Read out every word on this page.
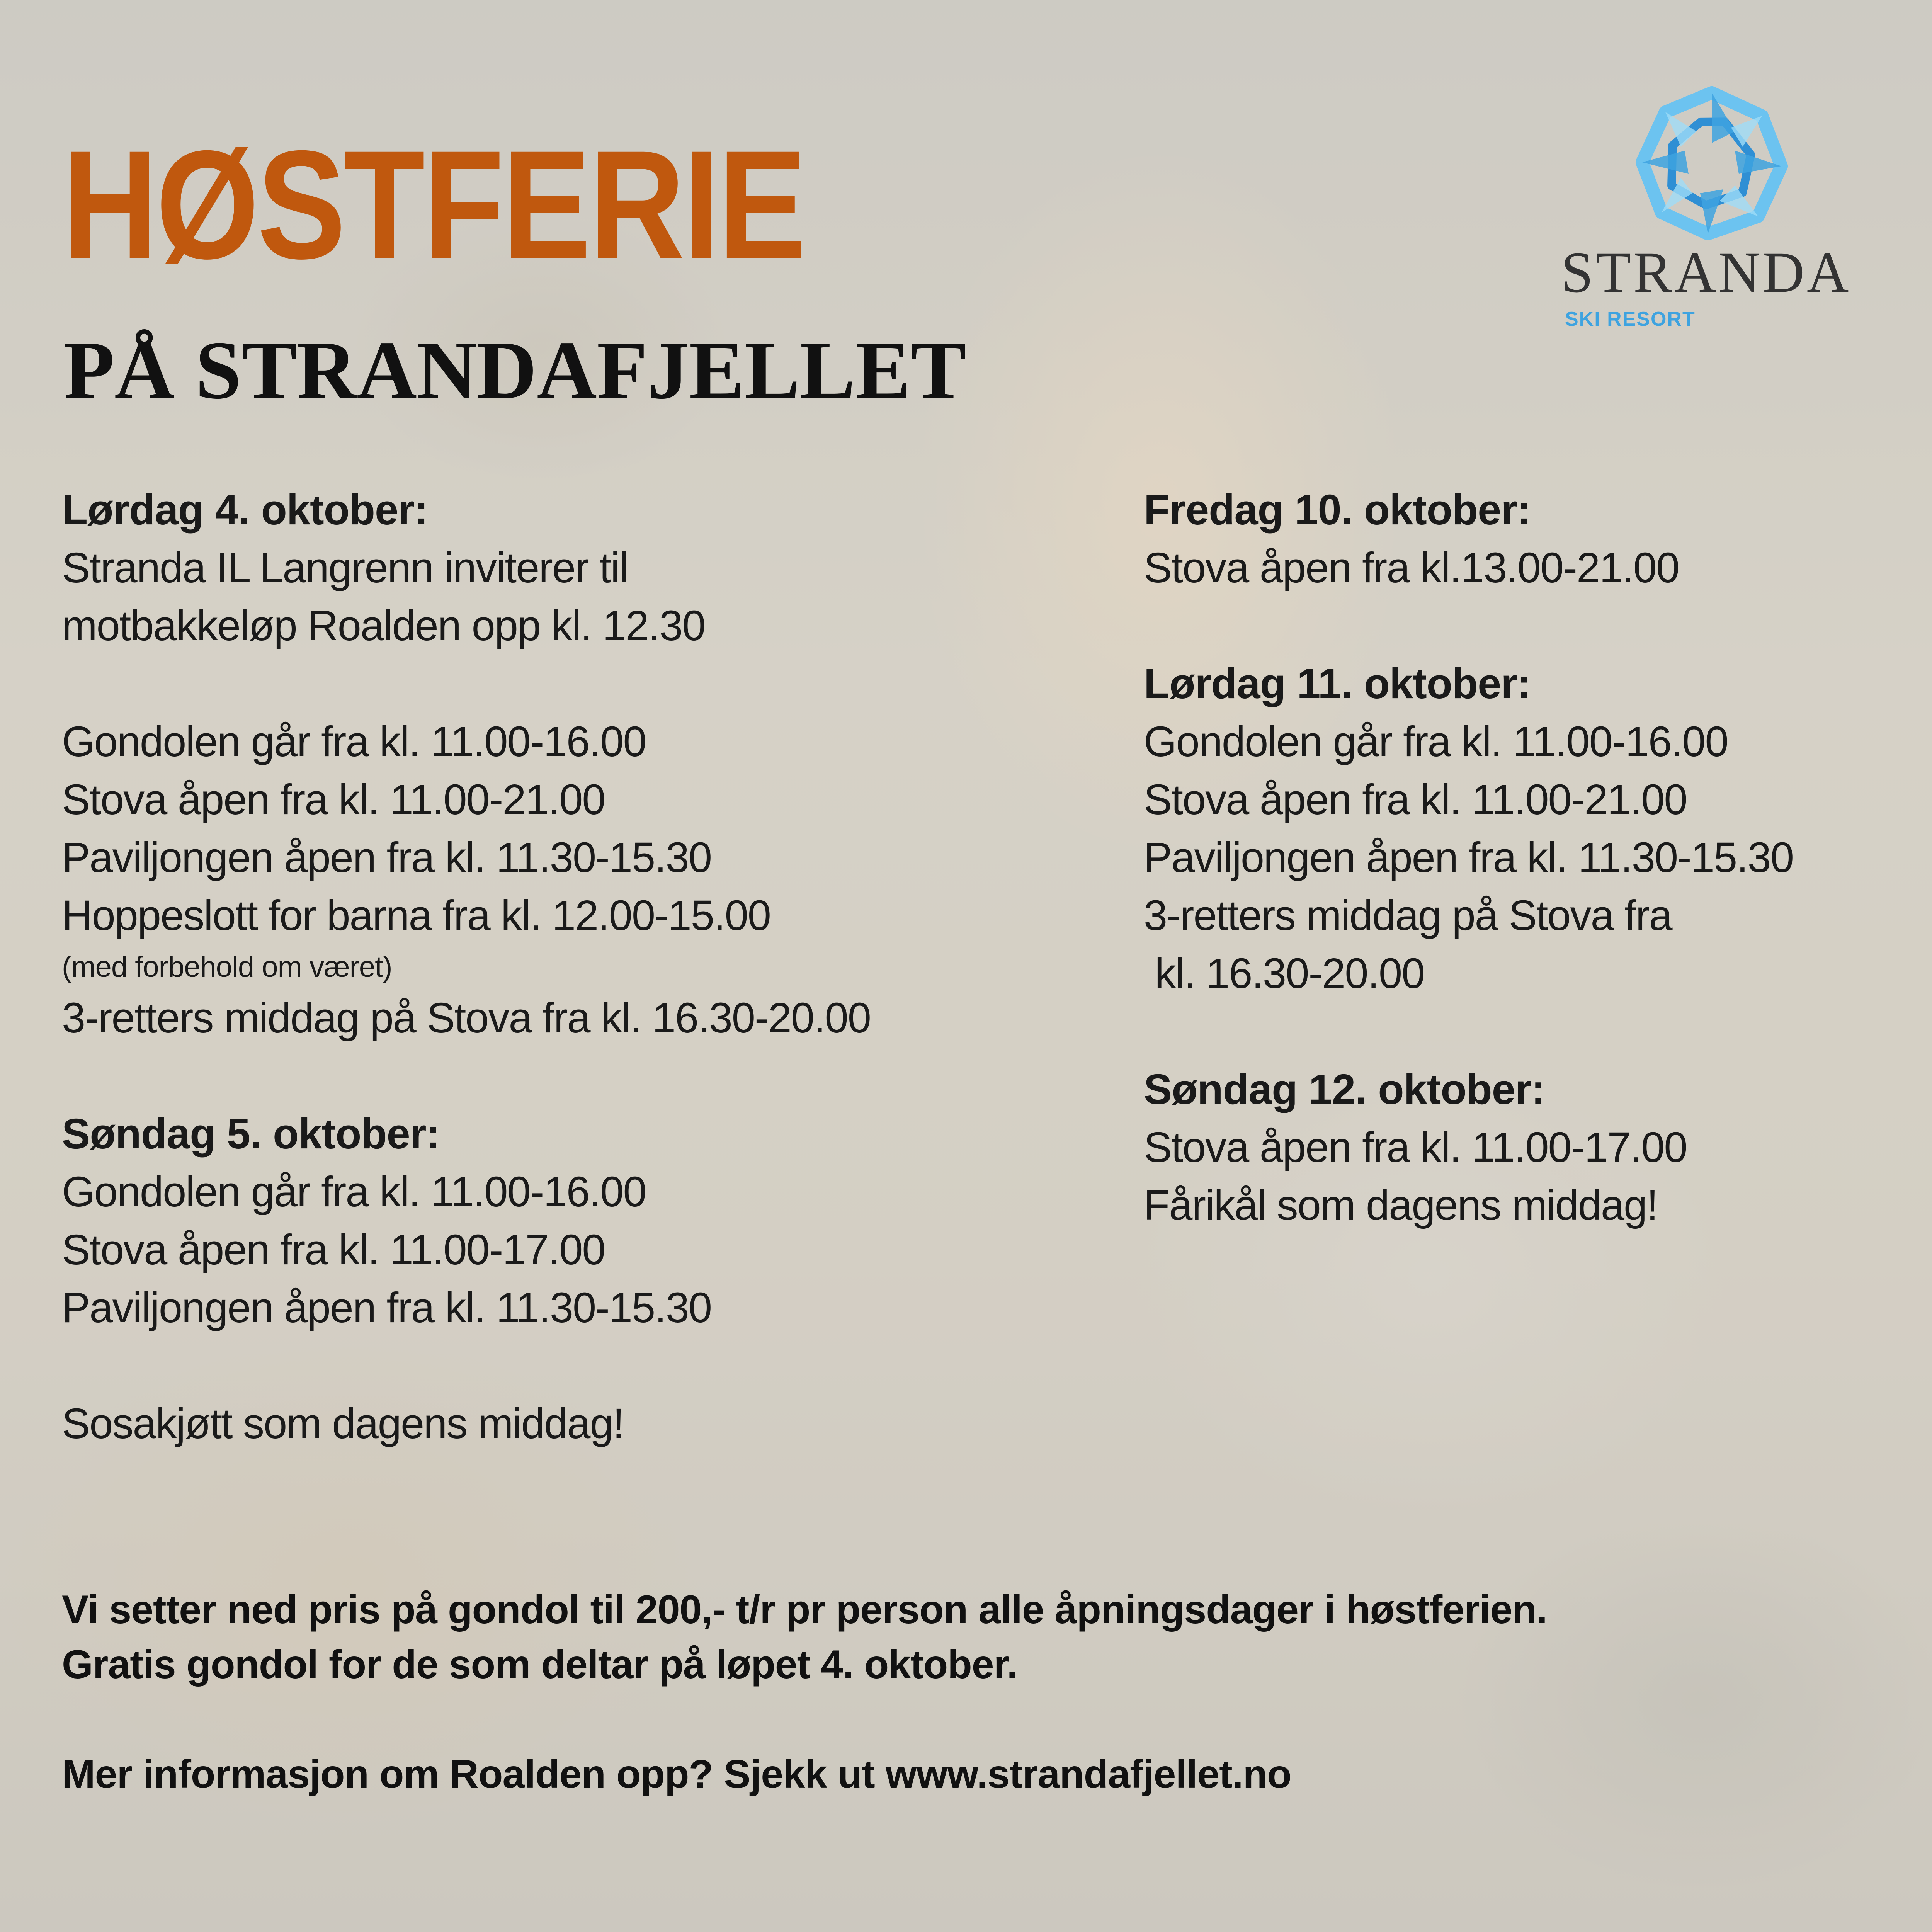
HØSTFERIE
PÅ STRANDAFJELLET
STRANDA
SKI RESORT

Lørdag 4. oktober:

Stranda IL Langrenn inviterer til

motbakkeløp Roalden opp kl. 12.30

Gondolen går fra kl. 11.00-16.00

Stova åpen fra kl. 11.00-21.00

Paviljongen åpen fra kl. 11.30-15.30

Hoppeslott for barna fra kl. 12.00-15.00

(med forbehold om været)

3-retters middag på Stova fra kl. 16.30-20.00

Søndag 5. oktober:

Gondolen går fra kl. 11.00-16.00

Stova åpen fra kl. 11.00-17.00

Paviljongen åpen fra kl. 11.30-15.30

Sosakjøtt som dagens middag!

Fredag 10. oktober:

Stova åpen fra kl.13.00-21.00

Lørdag 11. oktober:

Gondolen går fra kl. 11.00-16.00

Stova åpen fra kl. 11.00-21.00

Paviljongen åpen fra kl. 11.30-15.30

3-retters middag på Stova fra

kl. 16.30-20.00

Søndag 12. oktober:

Stova åpen fra kl. 11.00-17.00

Fårikål som dagens middag!

Vi setter ned pris på gondol til 200,- t/r pr person alle åpningsdager i høstferien.

Gratis gondol for de som deltar på løpet 4. oktober.

Mer informasjon om Roalden opp? Sjekk ut www.strandafjellet.no
